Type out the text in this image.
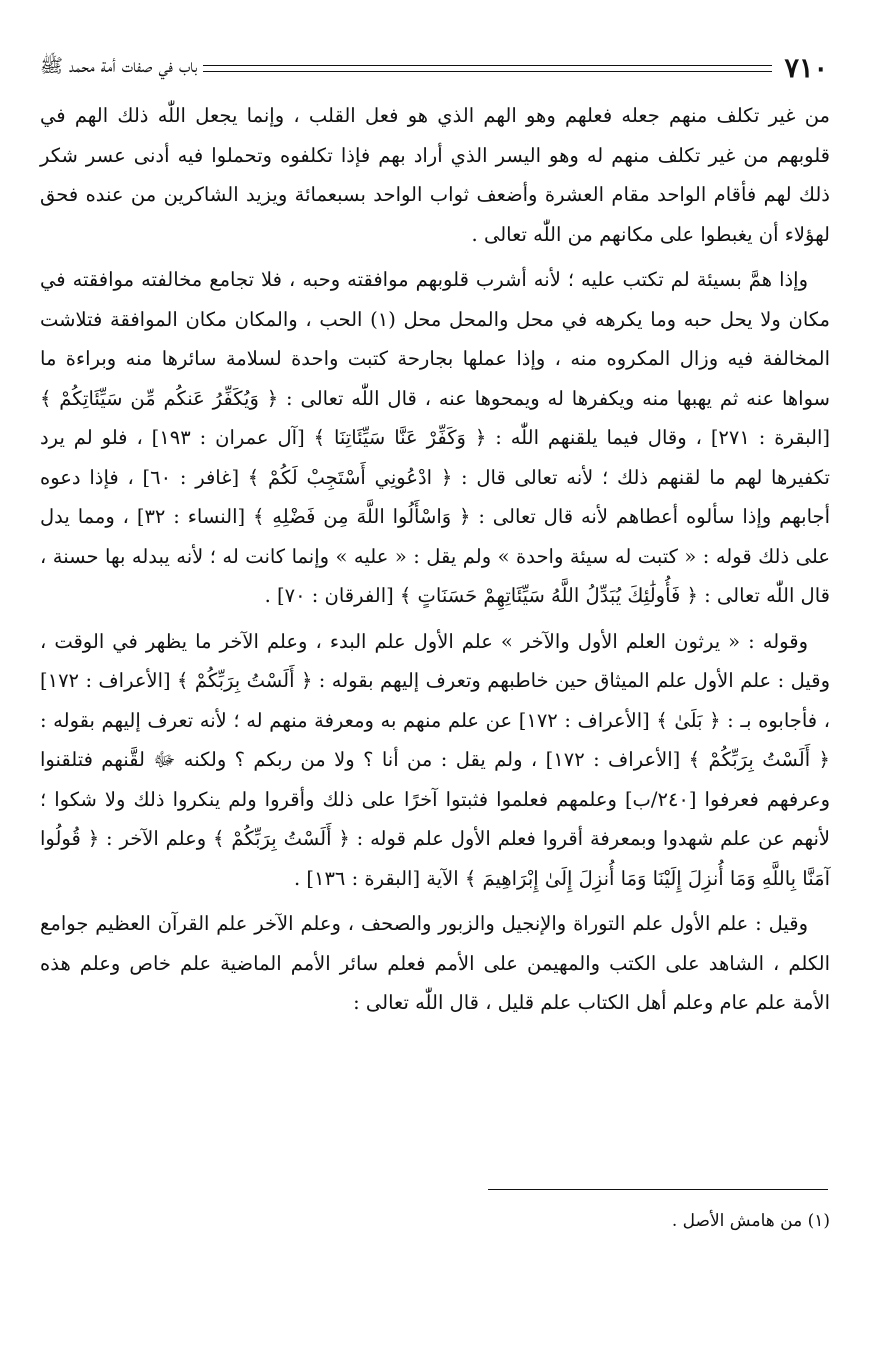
٧١٠
باب في صفات أمة محمد ﷺ

من غير تكلف منهم جعله فعلهم وهو الهم الذي هو فعل القلب ، وإنما يجعل اللّٰه ذلك الهم في قلوبهم من غير تكلف منهم له وهو اليسر الذي أراد بهم فإذا تكلفوه وتحملوا فيه أدنى عسر شكر ذلك لهم فأقام الواحد مقام العشرة وأضعف ثواب الواحد بسبعمائة ويزيد الشاكرين من عنده فحق لهؤلاء أن يغبطوا على مكانهم من اللّٰه تعالى .

وإذا همَّ بسيئة لم تكتب عليه ؛ لأنه أشرب قلوبهم موافقته وحبه ، فلا تجامع مخالفته موافقته في مكان ولا يحل حبه وما يكرهه في محل والمحل محل (١) الحب ، والمكان مكان الموافقة فتلاشت المخالفة فيه وزال المكروه منه ، وإذا عملها بجارحة كتبت واحدة لسلامة سائرها منه وبراءة ما سواها عنه ثم يهبها منه ويكفرها له ويمحوها عنه ، قال اللّٰه تعالى : ﴿ وَيُكَفِّرُ عَنكُم مِّن سَيِّئَاتِكُمْ ﴾ [البقرة : ٢٧١] ، وقال فيما يلقنهم اللّٰه : ﴿ وَكَفِّرْ عَنَّا سَيِّئَاتِنَا ﴾ [آل عمران : ١٩٣] ، فلو لم يرد تكفيرها لهم ما لقنهم ذلك ؛ لأنه تعالى قال : ﴿ ادْعُونِي أَسْتَجِبْ لَكُمْ ﴾ [غافر : ٦٠] ، فإذا دعوه أجابهم وإذا سألوه أعطاهم لأنه قال تعالى : ﴿ وَاسْأَلُوا اللَّهَ مِن فَضْلِهِ ﴾ [النساء : ٣٢] ، ومما يدل على ذلك قوله : « كتبت له سيئة واحدة » ولم يقل : « عليه » وإنما كانت له ؛ لأنه يبدله بها حسنة ، قال اللّٰه تعالى : ﴿ فَأُولَٰئِكَ يُبَدِّلُ اللَّهُ سَيِّئَاتِهِمْ حَسَنَاتٍ ﴾ [الفرقان : ٧٠] .

وقوله : « يرثون العلم الأول والآخر » علم الأول علم البدء ، وعلم الآخر ما يظهر في الوقت ، وقيل : علم الأول علم الميثاق حين خاطبهم وتعرف إليهم بقوله : ﴿ أَلَسْتُ بِرَبِّكُمْ ﴾ [الأعراف : ١٧٢] ، فأجابوه بـ : ﴿ بَلَىٰ ﴾ [الأعراف : ١٧٢] عن علم منهم به ومعرفة منهم له ؛ لأنه تعرف إليهم بقوله : ﴿ أَلَسْتُ بِرَبِّكُمْ ﴾ [الأعراف : ١٧٢] ، ولم يقل : من أنا ؟ ولا من ربكم ؟ ولكنه ﷻ لقَّنهم فتلقنوا وعرفهم فعرفوا [٢٤٠/ب] وعلمهم فعلموا فثبتوا آخرًا على ذلك وأقروا ولم ينكروا ذلك ولا شكوا ؛ لأنهم عن علم شهدوا وبمعرفة أقروا فعلم الأول علم قوله : ﴿ أَلَسْتُ بِرَبِّكُمْ ﴾ وعلم الآخر : ﴿ قُولُوا آمَنَّا بِاللَّهِ وَمَا أُنزِلَ إِلَيْنَا وَمَا أُنزِلَ إِلَىٰ إِبْرَاهِيمَ ﴾ الآية [البقرة : ١٣٦] .

وقيل : علم الأول علم التوراة والإنجيل والزبور والصحف ، وعلم الآخر علم القرآن العظيم جوامع الكلم ، الشاهد على الكتب والمهيمن على الأمم فعلم سائر الأمم الماضية علم خاص وعلم هذه الأمة علم عام وعلم أهل الكتاب علم قليل ، قال اللّٰه تعالى :

(١) من هامش الأصل .
